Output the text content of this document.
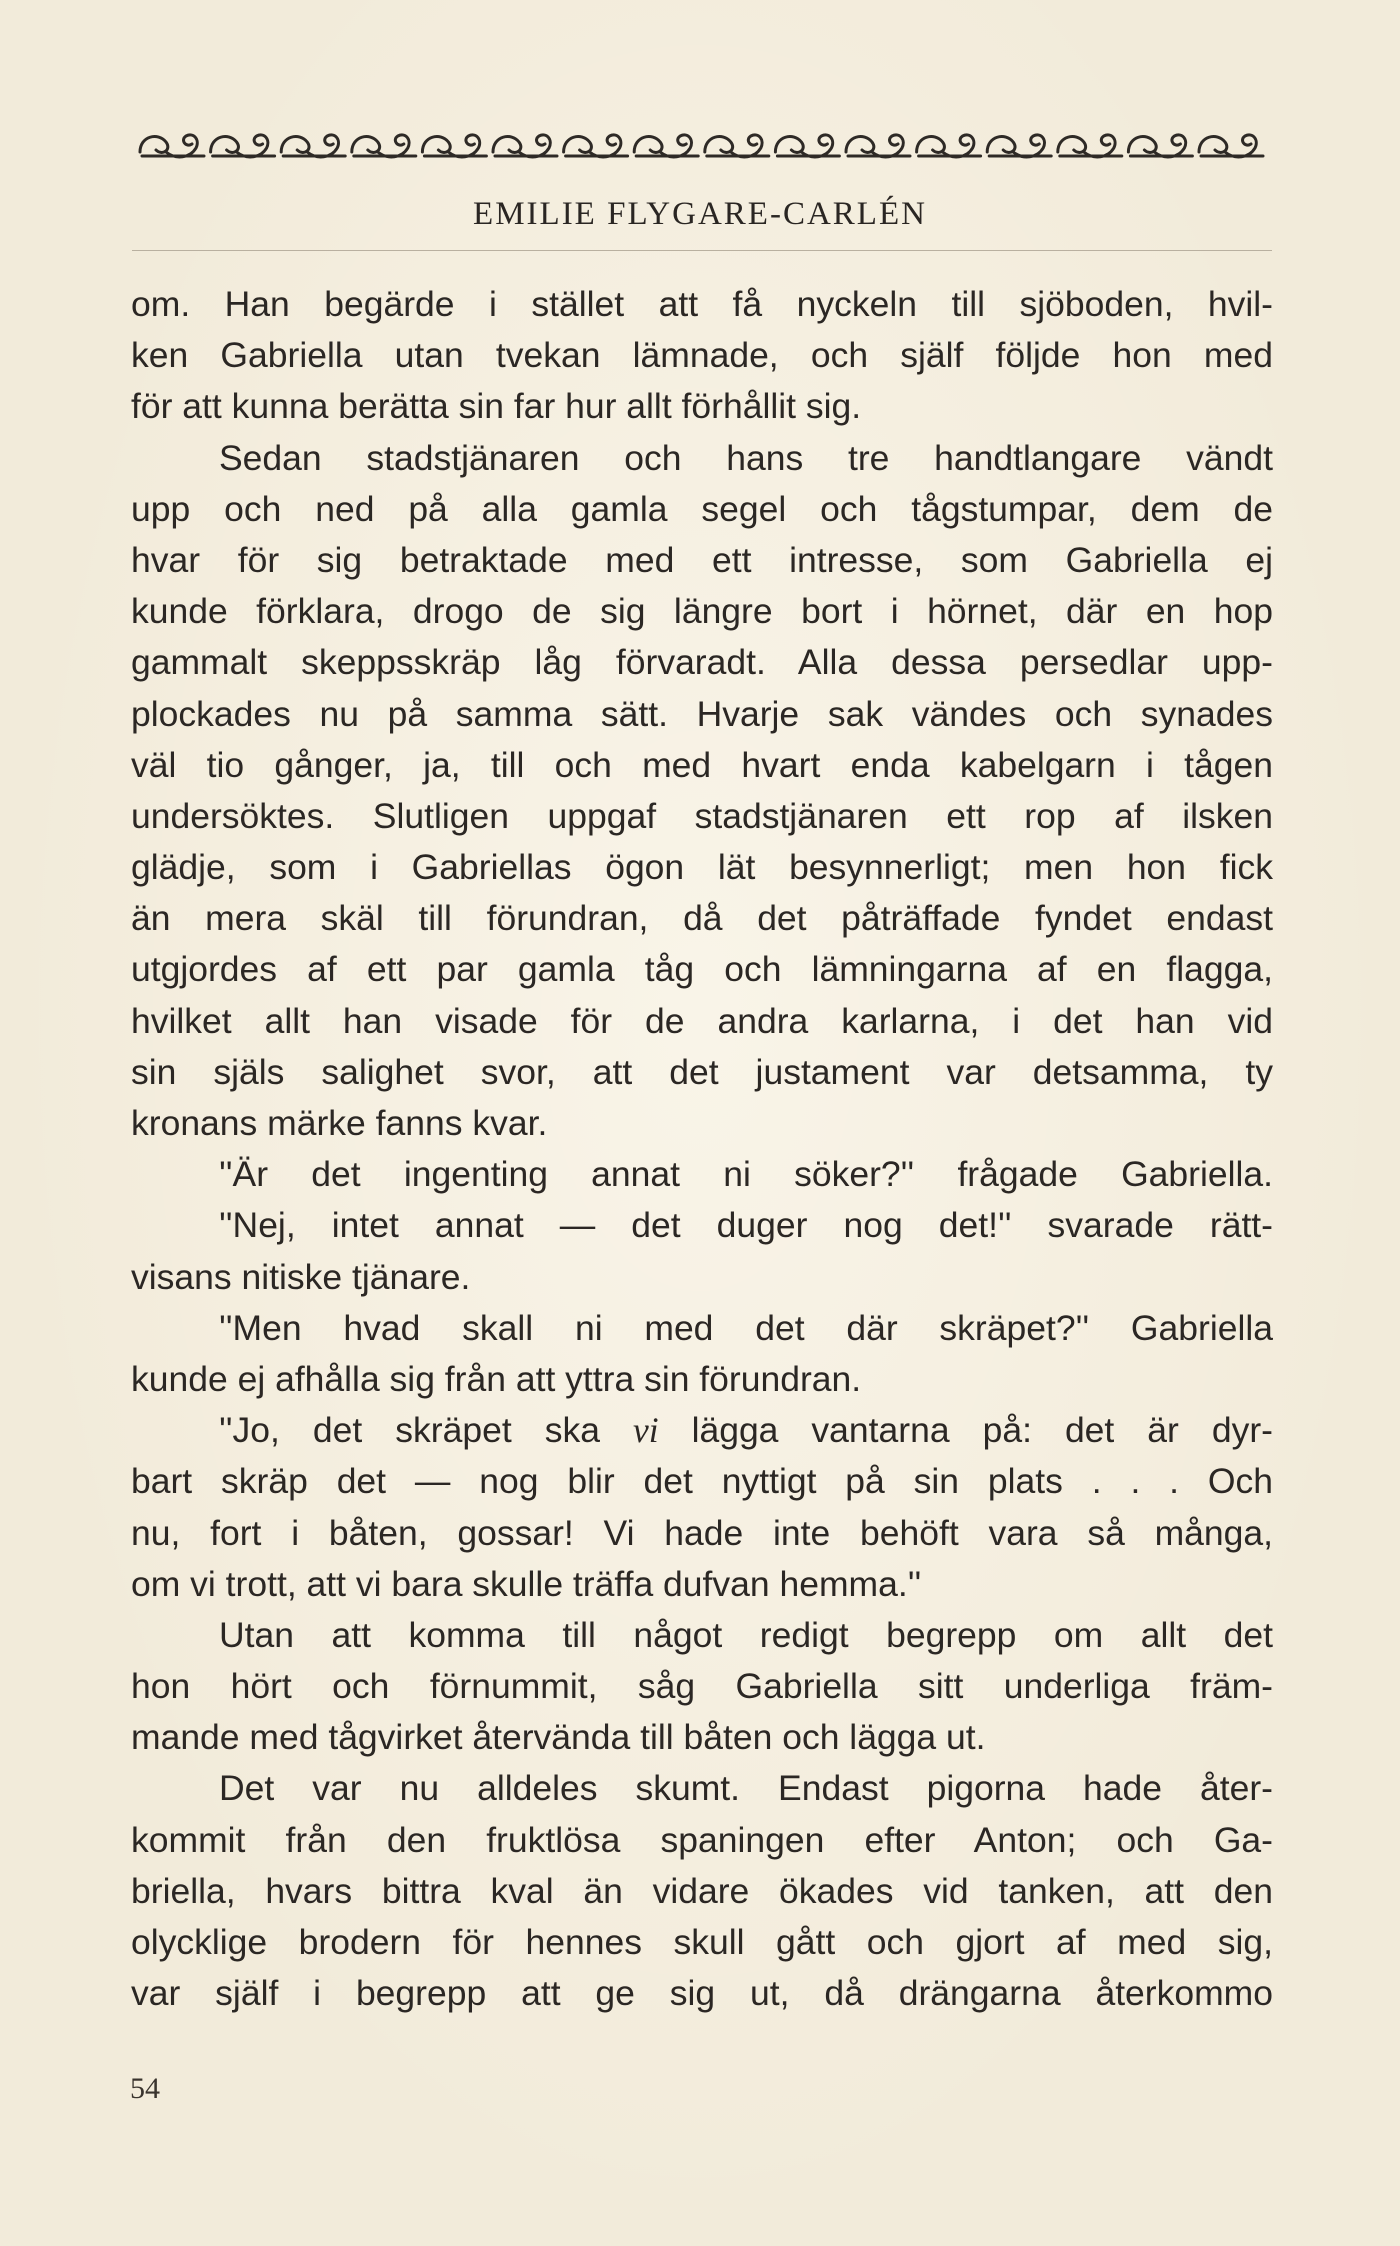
EMILIE FLYGARE-CARLÉN
om. Han begärde i stället att få nyckeln till sjöboden, hvil-
ken Gabriella utan tvekan lämnade, och själf följde hon med
för att kunna berätta sin far hur allt förhållit sig.
Sedan stadstjänaren och hans tre handtlangare vändt
upp och ned på alla gamla segel och tågstumpar, dem de
hvar för sig betraktade med ett intresse, som Gabriella ej
kunde förklara, drogo de sig längre bort i hörnet, där en hop
gammalt skeppsskräp låg förvaradt. Alla dessa persedlar upp-
plockades nu på samma sätt. Hvarje sak vändes och synades
väl tio gånger, ja, till och med hvart enda kabelgarn i tågen
undersöktes. Slutligen uppgaf stadstjänaren ett rop af ilsken
glädje, som i Gabriellas ögon lät besynnerligt; men hon fick
än mera skäl till förundran, då det påträffade fyndet endast
utgjordes af ett par gamla tåg och lämningarna af en flagga,
hvilket allt han visade för de andra karlarna, i det han vid
sin själs salighet svor, att det justament var detsamma, ty
kronans märke fanns kvar.
''Är det ingenting annat ni söker?'' frågade Gabriella.
''Nej, intet annat — det duger nog det!'' svarade rätt-
visans nitiske tjänare.
''Men hvad skall ni med det där skräpet?'' Gabriella
kunde ej afhålla sig från att yttra sin förundran.
''Jo, det skräpet ska vi lägga vantarna på: det är dyr-
bart skräp det — nog blir det nyttigt på sin plats . . . Och
nu, fort i båten, gossar! Vi hade inte behöft vara så många,
om vi trott, att vi bara skulle träffa dufvan hemma.''
Utan att komma till något redigt begrepp om allt det
hon hört och förnummit, såg Gabriella sitt underliga främ-
mande med tågvirket återvända till båten och lägga ut.
Det var nu alldeles skumt. Endast pigorna hade åter-
kommit från den fruktlösa spaningen efter Anton; och Ga-
briella, hvars bittra kval än vidare ökades vid tanken, att den
olycklige brodern för hennes skull gått och gjort af med sig,
var själf i begrepp att ge sig ut, då drängarna återkommo
54
